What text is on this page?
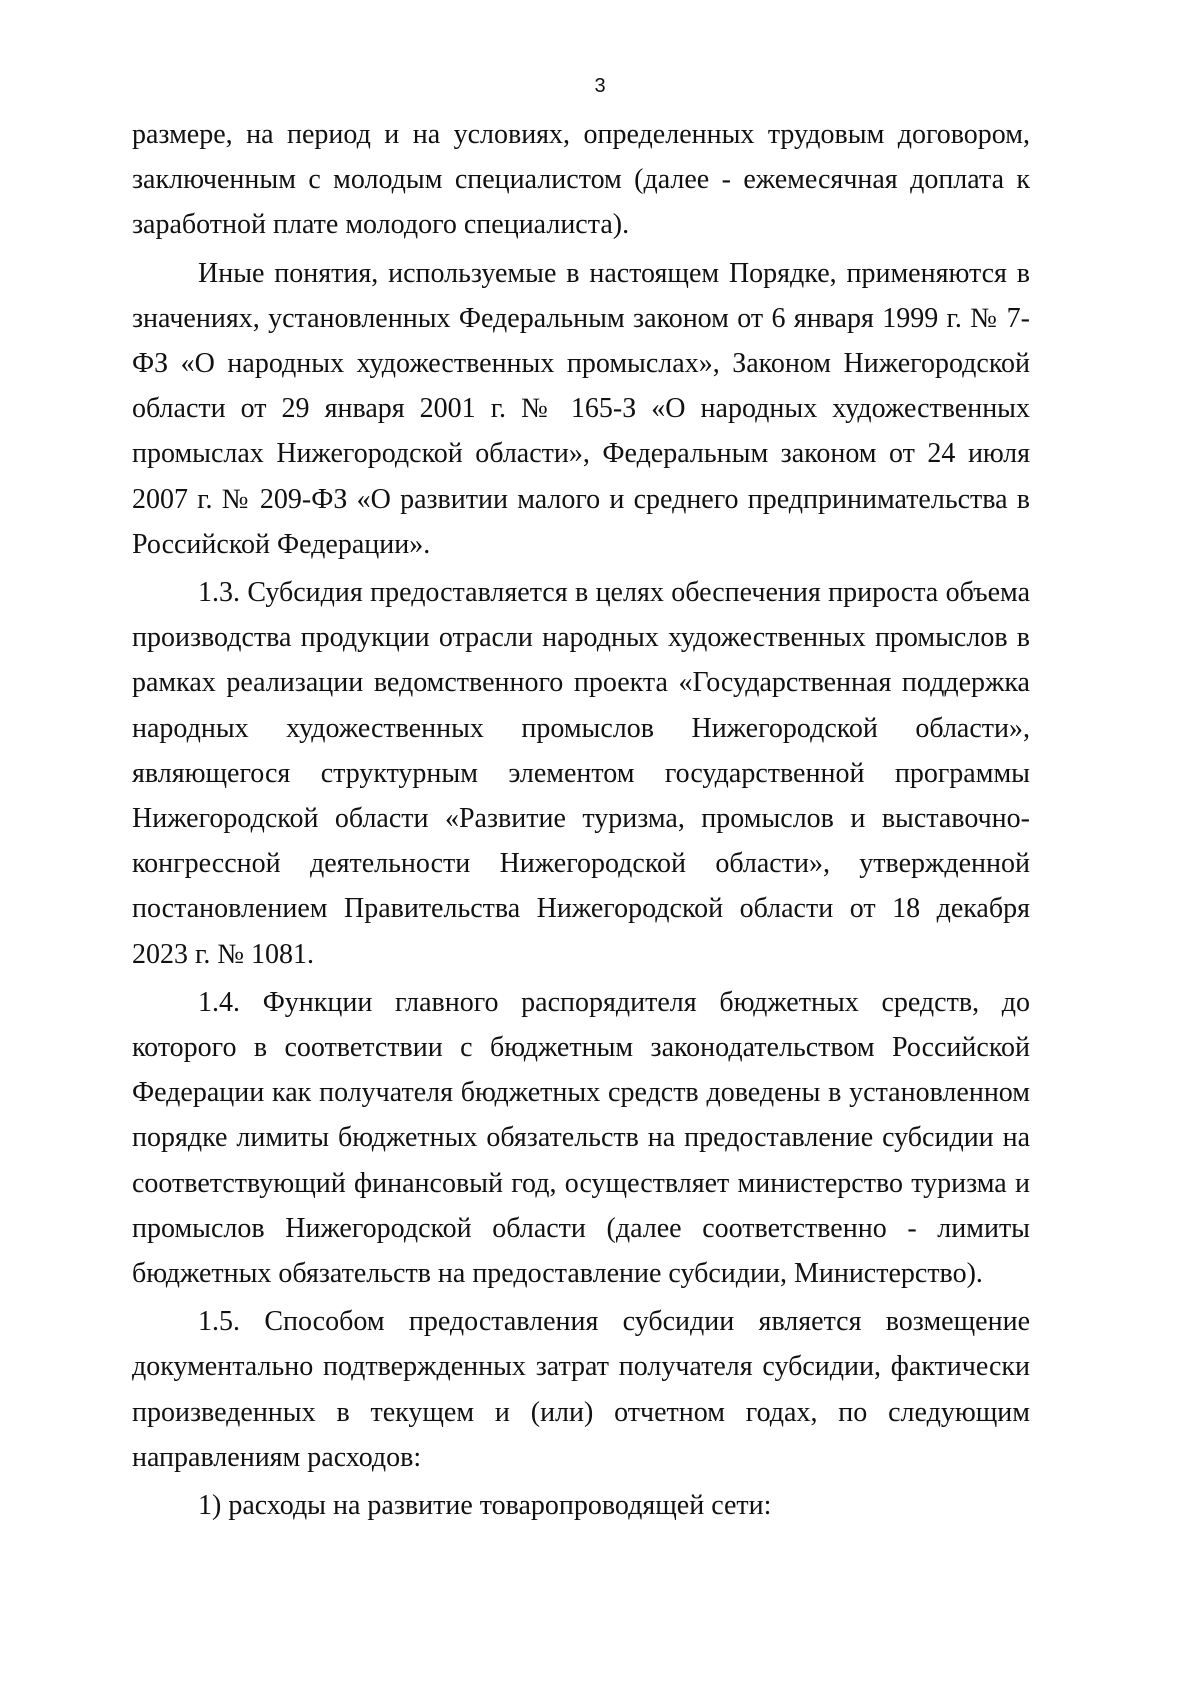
3

размере, на период и на условиях, определенных трудовым договором, заключенным с молодым специалистом (далее - ежемесячная доплата к заработной плате молодого специалиста).

Иные понятия, используемые в настоящем Порядке, применяются в значениях, установленных Федеральным законом от 6 января 1999 г. № 7-ФЗ «О народных художественных промыслах», Законом Нижегородской области от 29 января 2001 г. № 165-З «О народных художественных промыслах Нижегородской области», Федеральным законом от 24 июля 2007 г. № 209-ФЗ «О развитии малого и среднего предпринимательства в Российской Федерации».

1.3. Субсидия предоставляется в целях обеспечения прироста объема производства продукции отрасли народных художественных промыслов в рамках реализации ведомственного проекта «Государственная поддержка народных художественных промыслов Нижегородской области», являющегося структурным элементом государственной программы Нижегородской области «Развитие туризма, промыслов и выставочно-конгрессной деятельности Нижегородской области», утвержденной постановлением Правительства Нижегородской области от 18 декабря 2023 г. № 1081.

1.4. Функции главного распорядителя бюджетных средств, до которого в соответствии с бюджетным законодательством Российской Федерации как получателя бюджетных средств доведены в установленном порядке лимиты бюджетных обязательств на предоставление субсидии на соответствующий финансовый год, осуществляет министерство туризма и промыслов Нижегородской области (далее соответственно - лимиты бюджетных обязательств на предоставление субсидии, Министерство).

1.5. Способом предоставления субсидии является возмещение документально подтвержденных затрат получателя субсидии, фактически произведенных в текущем и (или) отчетном годах, по следующим направлениям расходов:

1) расходы на развитие товаропроводящей сети:
